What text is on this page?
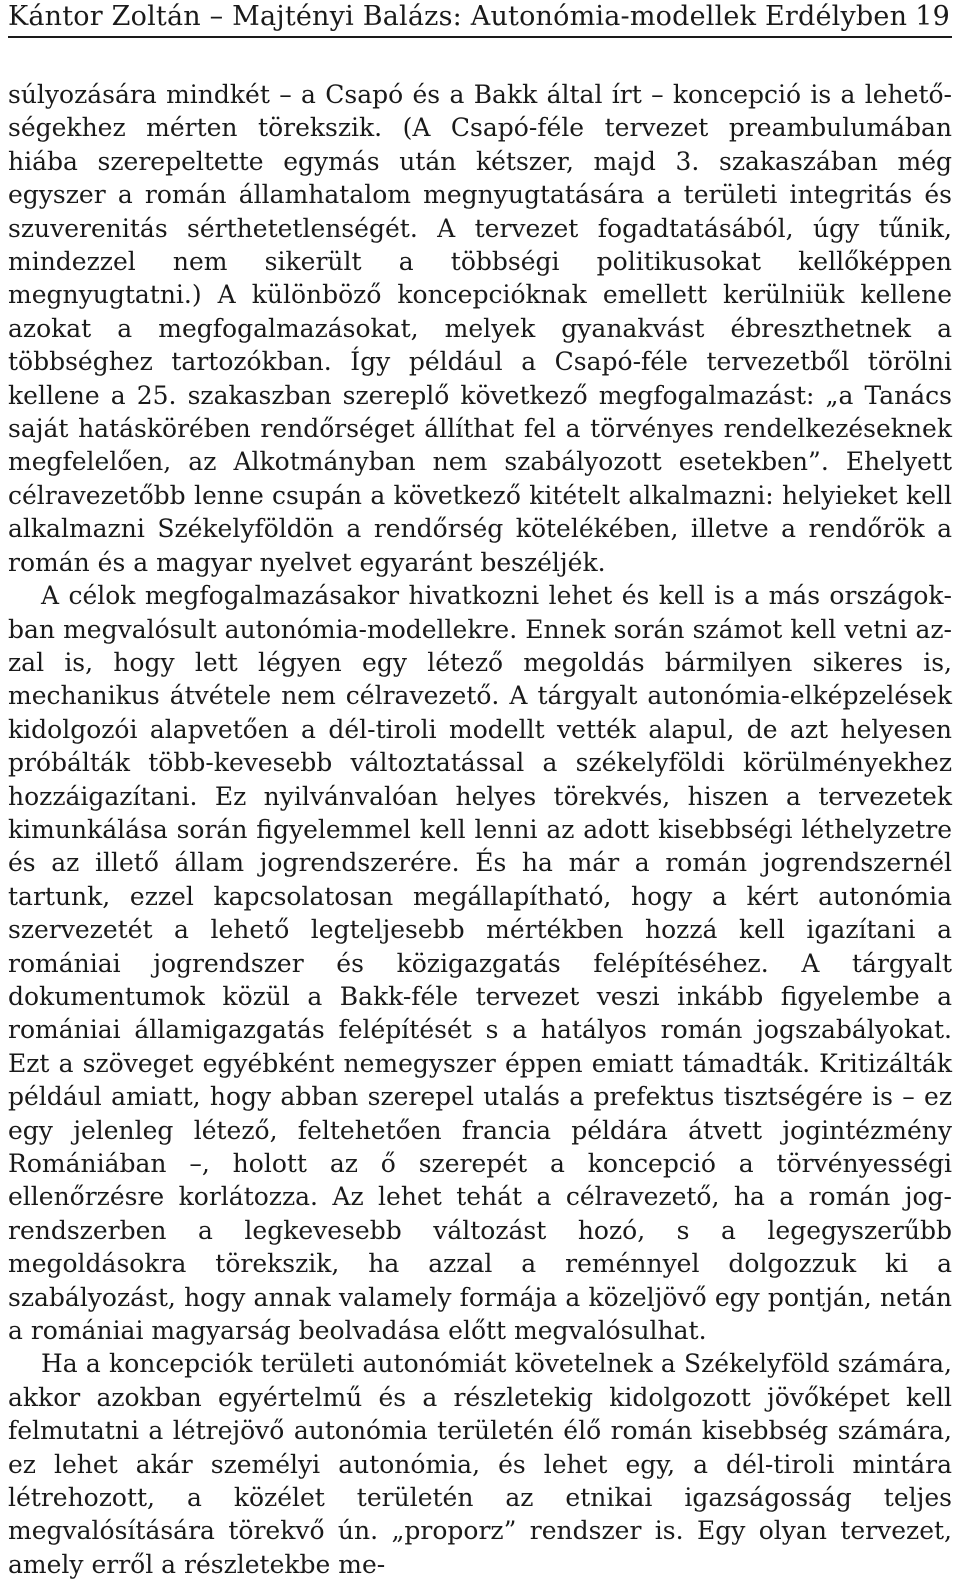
Kántor Zoltán – Majtényi Balázs: Autonómia-modellek Erdélyben 19

súlyozására mindkét – a Csapó és a Bakk által írt – koncepció is a lehetőségekhez mérten törekszik. (A Csapó-féle tervezet preambulumában hiába szerepeltette egymás után kétszer, majd 3. szakaszában még egyszer a román államhatalom megnyugtatására a területi integritás és szuverenitás sérthetetlenségét. A tervezet fogadtatásából, úgy tűnik, mindezzel nem sikerült a többségi politikusokat kellőképpen megnyugtatni.) A különböző koncepcióknak emellett kerülniük kellene azokat a megfogalmazásokat, melyek gyanakvást ébreszthetnek a többséghez tartozókban. Így például a Csapó-féle tervezetből törölni kellene a 25. szakaszban szereplő következő megfogalmazást: „a Tanács saját hatáskörében rendőrséget állíthat fel a törvényes rendelkezéseknek megfelelően, az Alkotmányban nem szabályozott esetekben”. Ehelyett célravezetőbb lenne csupán a következő kitételt alkalmazni: helyieket kell alkalmazni Székelyföldön a rendőrség kötelékében, illetve a rendőrök a román és a magyar nyelvet egyaránt beszéljék.

A célok megfogalmazásakor hivatkozni lehet és kell is a más országokban megvalósult autonómia-modellekre. Ennek során számot kell vetni azzal is, hogy lett légyen egy létező megoldás bármilyen sikeres is, mechanikus átvétele nem célravezető. A tárgyalt autonómia-elképzelések kidolgozói alapvetően a dél-tiroli modellt vették alapul, de azt helyesen próbálták több-kevesebb változtatással a székelyföldi körülményekhez hozzáigazítani. Ez nyilvánvalóan helyes törekvés, hiszen a tervezetek kimunkálása során figyelemmel kell lenni az adott kisebbségi léthelyzetre és az illető állam jogrendszerére. És ha már a román jogrendszernél tartunk, ezzel kapcsolatosan megállapítható, hogy a kért autonómia szervezetét a lehető legteljesebb mértékben hozzá kell igazítani a romániai jogrendszer és közigazgatás felépítéséhez. A tárgyalt dokumentumok közül a Bakk-féle tervezet veszi inkább figyelembe a romániai államigazgatás felépítését s a hatályos román jogszabályokat. Ezt a szöveget egyébként nemegyszer éppen emiatt támadták. Kritizálták például amiatt, hogy abban szerepel utalás a prefektus tisztségére is – ez egy jelenleg létező, feltehetően francia példára átvett jogintézmény Romániában –, holott az ő szerepét a koncepció a törvényességi ellenőrzésre korlátozza. Az lehet tehát a célravezető, ha a román jogrendszerben a legkevesebb változást hozó, s a legegyszerűbb megoldásokra törekszik, ha azzal a reménnyel dolgozzuk ki a szabályozást, hogy annak valamely formája a közeljövő egy pontján, netán a romániai magyarság beolvadása előtt megvalósulhat.

Ha a koncepciók területi autonómiát követelnek a Székelyföld számára, akkor azokban egyértelmű és a részletekig kidolgozott jövőképet kell felmutatni a létrejövő autonómia területén élő román kisebbség számára, ez lehet akár személyi autonómia, és lehet egy, a dél-tiroli mintára létrehozott, a közélet területén az etnikai igazságosság teljes megvalósítására törekvő ún. „proporz” rendszer is. Egy olyan tervezet, amely erről a részletekbe me-
